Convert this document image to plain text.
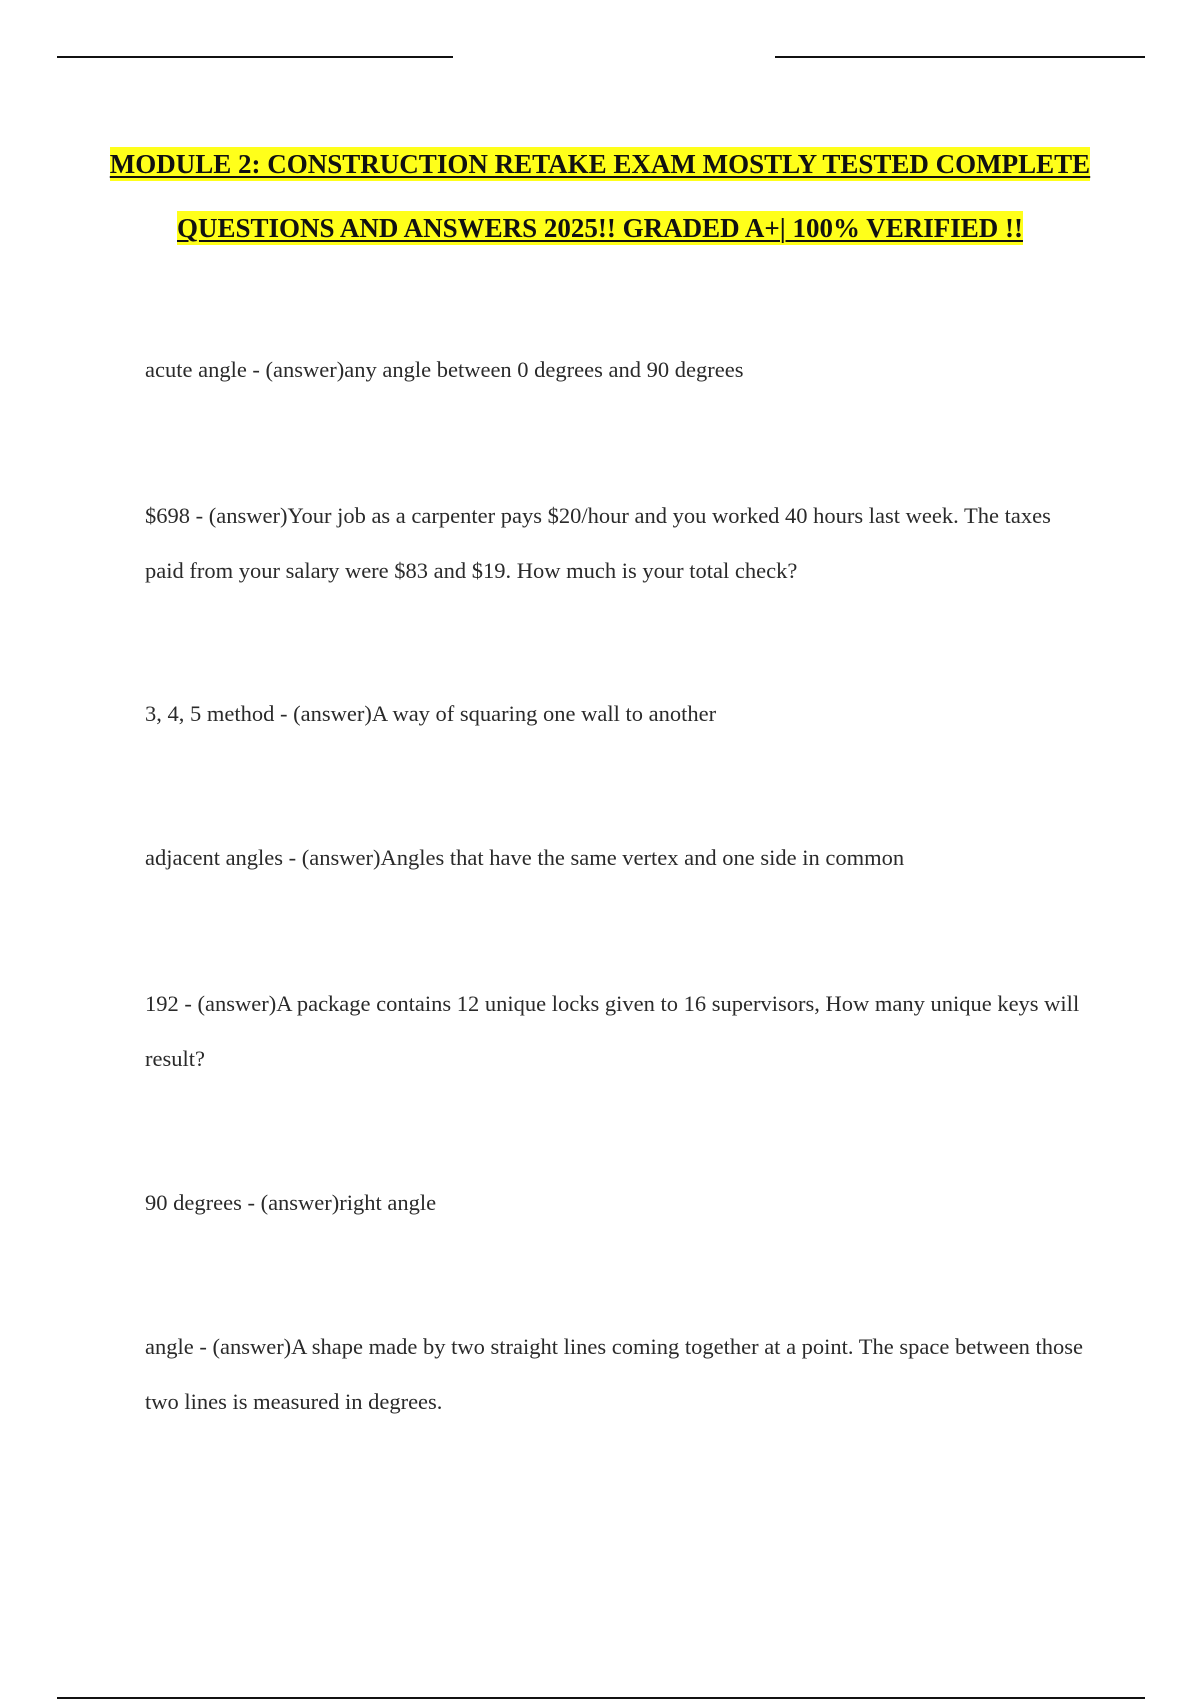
MODULE 2: CONSTRUCTION RETAKE EXAM MOSTLY TESTED COMPLETE QUESTIONS AND ANSWERS 2025!! GRADED A+| 100% VERIFIED !!
acute angle - (answer)any angle between 0 degrees and 90 degrees
$698 - (answer)Your job as a carpenter pays $20/hour and you worked 40 hours last week. The taxes paid from your salary were $83 and $19. How much is your total check?
3, 4, 5 method - (answer)A way of squaring one wall to another
adjacent angles - (answer)Angles that have the same vertex and one side in common
192 - (answer)A package contains 12 unique locks given to 16 supervisors, How many unique keys will result?
90 degrees - (answer)right angle
angle - (answer)A shape made by two straight lines coming together at a point. The space between those two lines is measured in degrees.
